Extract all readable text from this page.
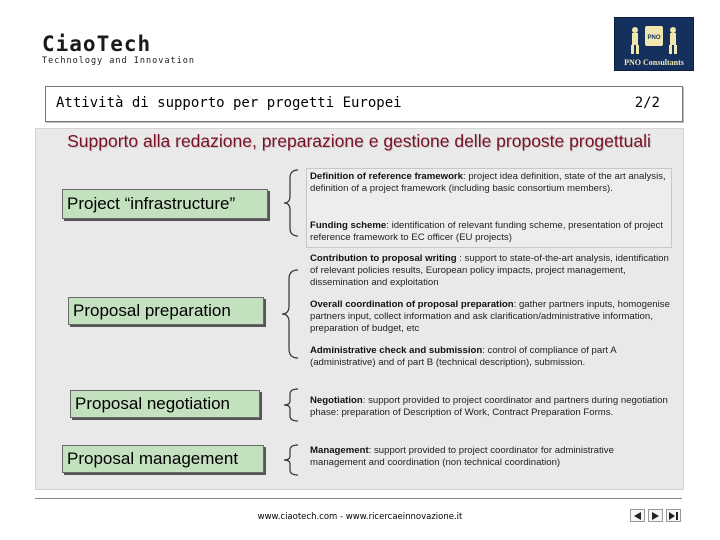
CiaoTech
Technology and Innovation
PNO
PNO Consultants
Attività di supporto per progetti Europei	2/2
Supporto alla redazione, preparazione e gestione delle proposte progettuali
Project “infrastructure”
Definition of reference framework: project idea definition, state of the art analysis, definition of a project framework (including basic consortium members).
Funding scheme: identification of relevant funding scheme, presentation of project reference framework to EC officer (EU projects)
Proposal preparation
Contribution to proposal writing : support to state-of-the-art analysis, identification of relevant policies results, European policy impacts, project management, dissemination and exploitation
Overall coordination of proposal preparation: gather partners inputs, homogenise partners input, collect information and ask clarification/administrative information, preparation of budget, etc
Administrative check and submission: control of compliance of part A (administrative) and of part B (technical description), submission.
Proposal negotiation	Negotiation: support provided to project coordinator and partners during negotiation phase: preparation of Description of Work, Contract Preparation Forms.
Proposal management	Management: support provided to project coordinator for administrative management and coordination (non technical coordination)
www.ciaotech.com - www.ricercaeinnovazione.it
